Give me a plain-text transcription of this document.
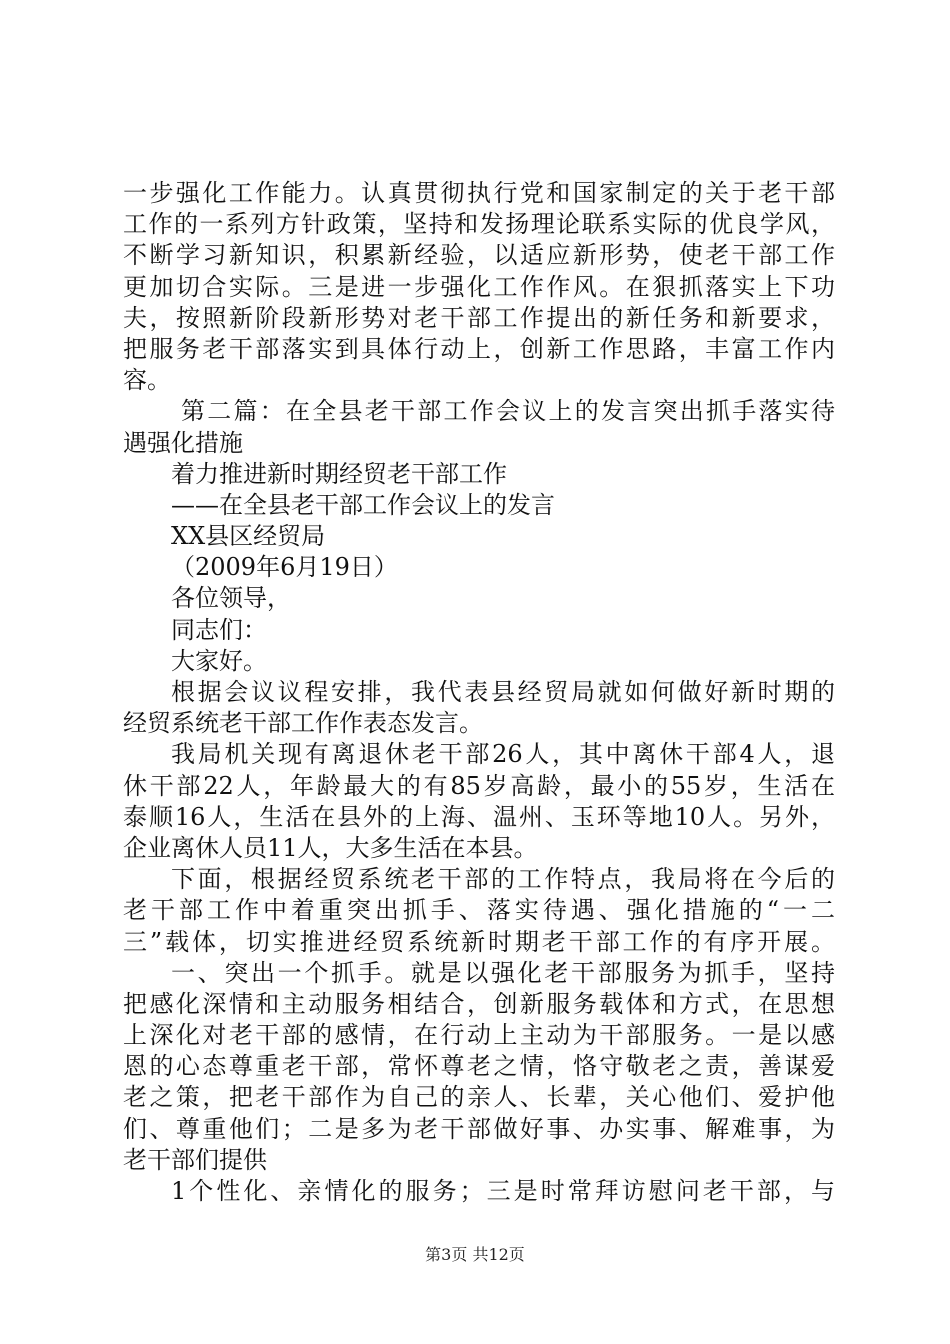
一步强化工作能力。认真贯彻执行党和国家制定的关于老干部
工作的一系列方针政策，坚持和发扬理论联系实际的优良学风，
不断学习新知识，积累新经验，以适应新形势，使老干部工作
更加切合实际。三是进一步强化工作作风。在狠抓落实上下功
夫，按照新阶段新形势对老干部工作提出的新任务和新要求，
把服务老干部落实到具体行动上，创新工作思路，丰富工作内
容。
第二篇：在全县老干部工作会议上的发言突出抓手落实待
遇强化措施
着力推进新时期经贸老干部工作
——在全县老干部工作会议上的发言
XX县区经贸局
（2009年6月19日）
各位领导，
同志们：
大家好。
根据会议议程安排，我代表县经贸局就如何做好新时期的
经贸系统老干部工作作表态发言。
我局机关现有离退休老干部26人，其中离休干部4人，退
休干部22人，年龄最大的有85岁高龄，最小的55岁，生活在
泰顺16人，生活在县外的上海、温州、玉环等地10人。另外，
企业离休人员11人，大多生活在本县。
下面，根据经贸系统老干部的工作特点，我局将在今后的
老干部工作中着重突出抓手、落实待遇、强化措施的“一二
三”载体，切实推进经贸系统新时期老干部工作的有序开展。
一、突出一个抓手。就是以强化老干部服务为抓手，坚持
把感化深情和主动服务相结合，创新服务载体和方式，在思想
上深化对老干部的感情，在行动上主动为干部服务。一是以感
恩的心态尊重老干部，常怀尊老之情，恪守敬老之责，善谋爱
老之策，把老干部作为自己的亲人、长辈，关心他们、爱护他
们、尊重他们；二是多为老干部做好事、办实事、解难事，为
老干部们提供
1个性化、亲情化的服务；三是时常拜访慰问老干部，与
第3页 共12页
